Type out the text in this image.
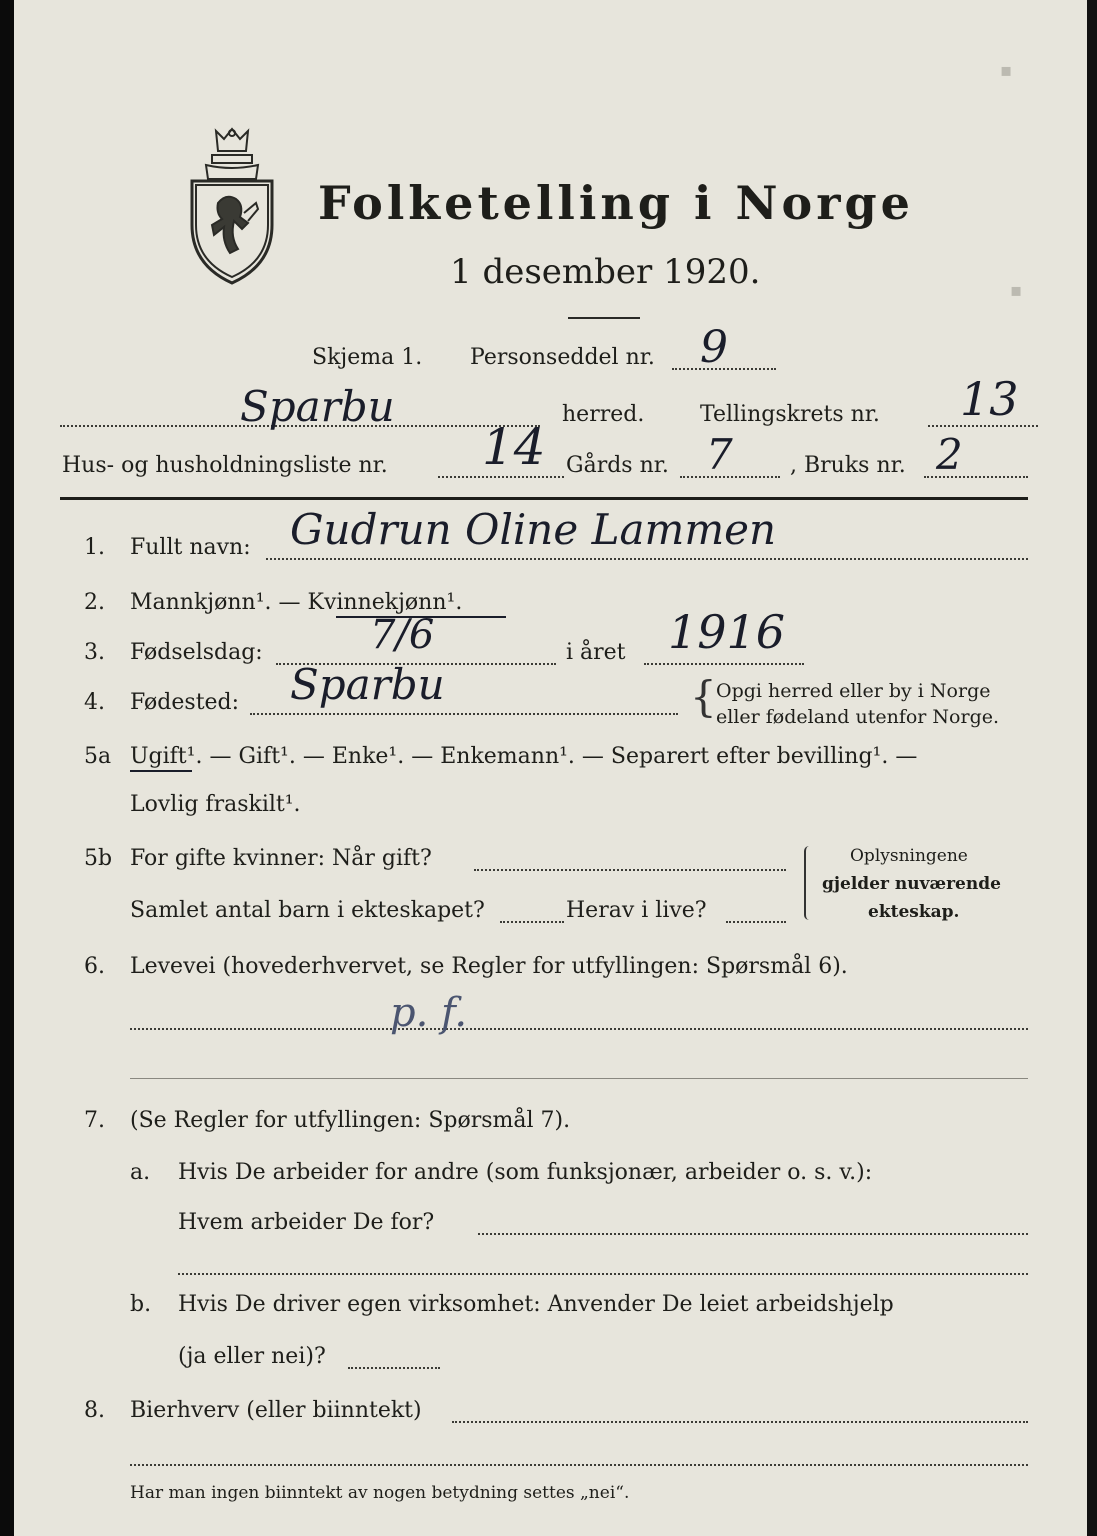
▪
▪
Folketelling i Norge
1 desember 1920.
Skjema 1. Personseddel nr. 9
Sparbu	herred.	Tellingskrets nr. 13
Hus- og husholdningsliste nr. 14 Gårds nr. 7	, Bruks nr. 2
1. Fullt navn: Gudrun Oline Lammen
2. Mannkjønn¹. — Kvinnekjønn¹.
3. Fødselsdag:	7/6	i året 1916
4. Fødested: Sparbu	{ Opgi herred eller by i Norge
eller fødeland utenfor Norge.
5a Ugift¹. — Gift¹. — Enke¹. — Enkemann¹. — Separert efter bevilling¹. —
Lovlig fraskilt¹.
5b For gifte kvinner: Når gift?
Samlet antal barn i ekteskapet?	Herav i live?
Oplysningene
gjelder nuværende
ekteskap.
6. Levevei (hovederhvervet, se Regler for utfyllingen: Spørsmål 6).
p. f.
7. (Se Regler for utfyllingen: Spørsmål 7).
a. Hvis De arbeider for andre (som funksjonær, arbeider o. s. v.):
Hvem arbeider De for?
b. Hvis De driver egen virksomhet: Anvender De leiet arbeidshjelp
(ja eller nei)?
8. Bierhverv (eller biinntekt)
Har man ingen biinntekt av nogen betydning settes „nei“.
